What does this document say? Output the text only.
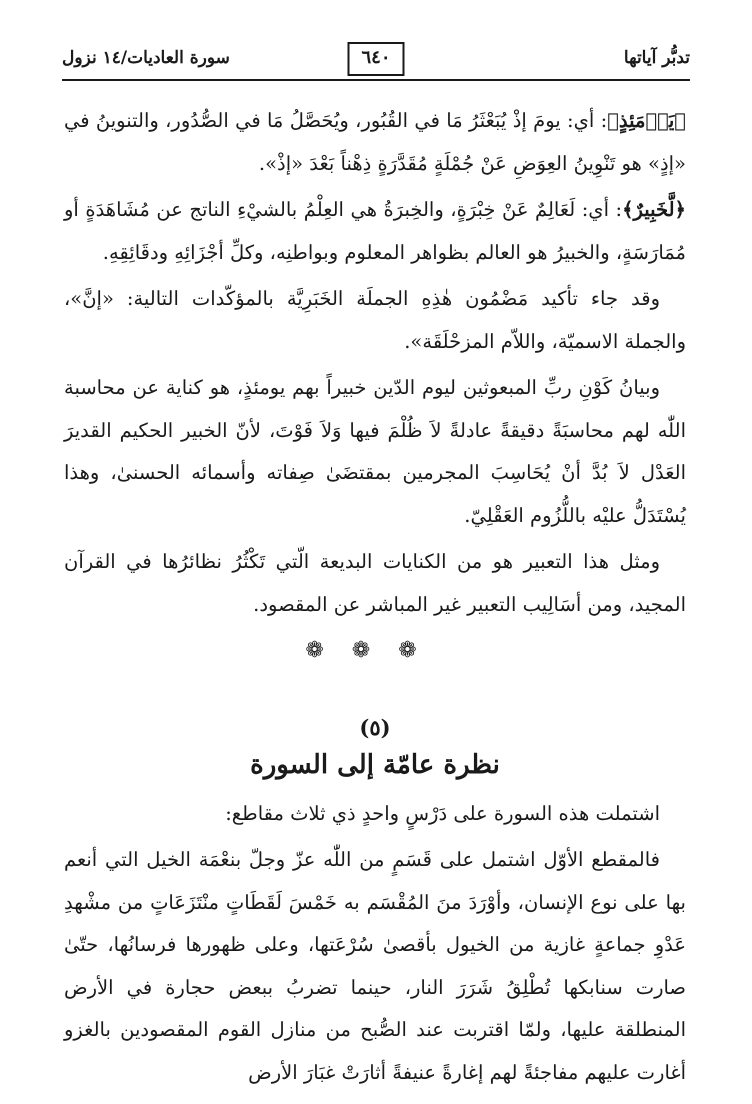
تدبُّر آياتها
٦٤٠
سورة العاديات/١٤ نزول

﴿يَوۡمَئِذٍ﴾: أي: يومَ إذْ يُبَعْثَرُ مَا في القُبُور، ويُحَصَّلُ مَا في الصُّدُور، والتنوينُ في «إذٍ» هو تَنْوِينُ العِوَضِ عَنْ جُمْلَةٍ مُقَدَّرَةٍ ذِهْناً بَعْدَ «إذْ».

﴿لَّخَبِيرٌ﴾: أي: لَعَالِمٌ عَنْ خِبْرَةٍ، والخِبرَةُ هي العِلْمُ بالشيْءِ الناتج عن مُشَاهَدَةٍ أو مُمَارَسَةٍ، والخبيرُ هو العالم بظواهر المعلوم وبواطنِه، وكلِّ أجْزَائِهِ ودقَائِقِهِ.

وقد جاء تأكيد مَضْمُون هٰذِهِ الجملَة الخَبَرِيَّة بالمؤكّدات التالية: «إنَّ»، والجملة الاسميّة، واللاّم المزحْلَقَة».

وبيانُ كَوْنِ ربِّ المبعوثين ليوم الدّين خبيراً بهم يومئذٍ، هو كناية عن محاسبة اللّٰه لهم محاسبَةً دقيقةً عادلةً لاَ ظُلْمَ فيها وَلاَ فَوْتَ، لأنّ الخبير الحكيم القديرَ العَدْل لاَ بُدَّ أنْ يُحَاسِبَ المجرمين بمقتضَىٰ صِفاته وأسمائه الحسنىٰ، وهذا يُسْتَدَلُّ عليْه باللُّزُوم العَقْلِيّ.

ومثل هذا التعبير هو من الكنايات البديعة الّتي تَكْثُرُ نظائرُها في القرآن المجيد، ومن أسَالِيب التعبير غير المباشر عن المقصود.

❁❁❁
(٥)
نظرة عامّة إلى السورة

اشتملت هذه السورة على دَرْسٍ واحدٍ ذي ثلاث مقاطع:

فالمقطع الأوّل اشتمل على قَسَمٍ من اللّٰه عزّ وجلّ بنعْمَة الخيل التي أنعم بها على نوع الإنسان، وأوْرَدَ منَ المُقْسَم به خَمْسَ لَقَطَاتٍ منْتَزَعَاتٍ من مشْهدِ عَدْوِ جماعةٍ غازية من الخيول بأقصىٰ سُرْعَتها، وعلى ظهورها فرسانُها، حتّىٰ صارت سنابكها تُطْلِقُ شَرَرَ النار، حينما تضربُ ببعض حجارة في الأرض المنطلقة عليها، ولمّا اقتربت عند الصُّبح من منازل القوم المقصودين بالغزو أغارت عليهم مفاجئةً لهم إغارةً عنيفةً أثارَتْ غبَارَ الأرض
